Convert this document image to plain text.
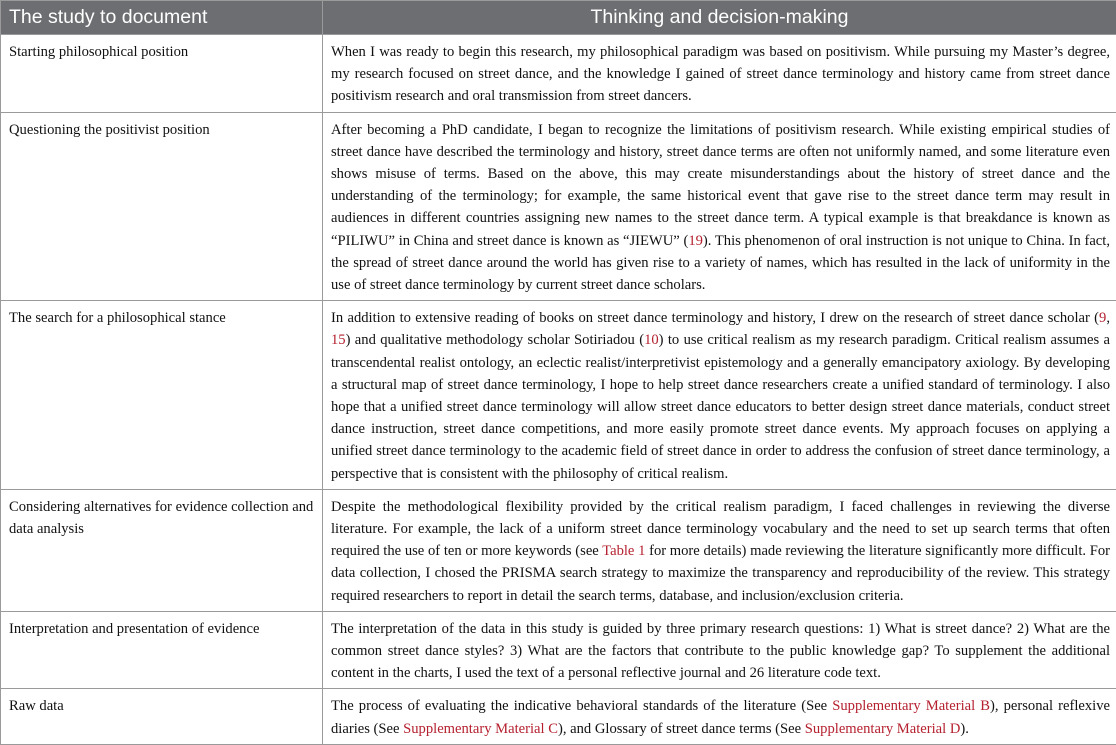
The study to document	Thinking and decision-making
Starting philosophical position	When I was ready to begin this research, my philosophical paradigm was based on positivism. While pursuing my Master’s degree, my research focused on street dance, and the knowledge I gained of street dance terminology and history came from street dance positivism research and oral transmission from street dancers.
Questioning the positivist position	After becoming a PhD candidate, I began to recognize the limitations of positivism research. While existing empirical studies of street dance have described the terminology and history, street dance terms are often not uniformly named, and some literature even shows misuse of terms. Based on the above, this may create misunderstandings about the history of street dance and the understanding of the terminology; for example, the same historical event that gave rise to the street dance term may result in audiences in different countries assigning new names to the street dance term. A typical example is that breakdance is known as “PILIWU” in China and street dance is known as “JIEWU” (19). This phenomenon of oral instruction is not unique to China. In fact, the spread of street dance around the world has given rise to a variety of names, which has resulted in the lack of uniformity in the use of street dance terminology by current street dance scholars.
The search for a philosophical stance	In addition to extensive reading of books on street dance terminology and history, I drew on the research of street dance scholar (9, 15) and qualitative methodology scholar Sotiriadou (10) to use critical realism as my research paradigm. Critical realism assumes a transcendental realist ontology, an eclectic realist/interpretivist epistemology and a generally emancipatory axiology. By developing a structural map of street dance terminology, I hope to help street dance researchers create a unified standard of terminology. I also hope that a unified street dance terminology will allow street dance educators to better design street dance materials, conduct street dance instruction, street dance competitions, and more easily promote street dance events. My approach focuses on applying a unified street dance terminology to the academic field of street dance in order to address the confusion of street dance terminology, a perspective that is consistent with the philosophy of critical realism.
Considering alternatives for evidence collection and data analysis	Despite the methodological flexibility provided by the critical realism paradigm, I faced challenges in reviewing the diverse literature. For example, the lack of a uniform street dance terminology vocabulary and the need to set up search terms that often required the use of ten or more keywords (see Table 1 for more details) made reviewing the literature significantly more difficult. For data collection, I chosed the PRISMA search strategy to maximize the transparency and reproducibility of the review. This strategy required researchers to report in detail the search terms, database, and inclusion/exclusion criteria.
Interpretation and presentation of evidence	The interpretation of the data in this study is guided by three primary research questions: 1) What is street dance? 2) What are the common street dance styles? 3) What are the factors that contribute to the public knowledge gap? To supplement the additional content in the charts, I used the text of a personal reflective journal and 26 literature code text.
Raw data	The process of evaluating the indicative behavioral standards of the literature (See Supplementary Material B), personal reflexive diaries (See Supplementary Material C), and Glossary of street dance terms (See Supplementary Material D).
